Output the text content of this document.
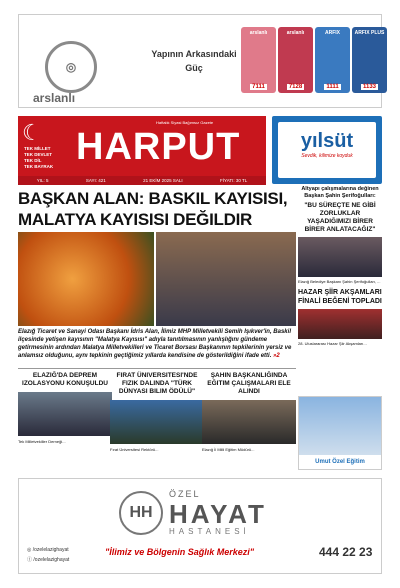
◎
arslanlı
Yapının Arkasındaki Güç
arslanlı
7111
arslanlı
7128
ARFIX
1111
ARFIX PLUS
1133
☾
TEK MİLLET
TEK DEVLET
TEK DİL
TEK BAYRAK
Haftalık Siyasi Bağımsız Gazete
HARPUT
YIL: 5	SAYI: 421	21 EKİM 2025 SALI	FİYATI: 30 TL
yılsüt
Sevdik, kilimize koyduk
BAŞKAN ALAN: BASKIL KAYISISI, MALATYA KAYISISI DEĞILDIR
Elazığ Ticaret ve Sanayi Odası Başkanı İdris Alan, İlimiz MHP Milletvekili Semih Işıkver'in, Baskil ilçesinde yetişen kayısının "Malatya Kayısısı" adıyla tanıtılmasının yanlışlığını gündeme getirmesinin ardından Malatya Milletvekilleri ve Ticaret Borsası Başkanının tepkilerinin yersiz ve anlamsız olduğunu, aynı tepkinin geçtiğimiz yıllarda kendisine de gösterildiğini ifade etti. »2
Altyapı çalışmalarına değinen Başkan Şahin Şerifoğulları:
"BU SÜREÇTE NE GİBİ ZORLUKLAR YAŞADIĞIMIZI BİRER BİRER ANLATACAĞIZ"
Elazığ Belediye Başkanı Şahin Şerifoğulları, ...
HAZAR ŞİİR AKŞAMLARI FİNALİ BEĞENİ TOPLADI
28. Uluslararası Hazar Şiir Akşamları...
ELAZIĞ'DA DEPREM IZOLASYONU KONUŞULDU
Tek Milletvekiller Derneği...
FIRAT ÜNIVERSITESI'NDE FIZIK DALINDA "TÜRK DÜNYASI BILIM ÖDÜLÜ"
Fırat Üniversitesi Rektörü...
ŞAHIN BAŞKANLIĞINDA EĞITIM ÇALIŞMALARI ELE ALINDI
Elazığ İl Milli Eğitim Müdürü...
Umut Özel Eğitim
HH
ÖZEL
HAYAT
HASTANESİ
◎ /ozelelazighayat
ⓕ /ozelelazighayat
"İlimiz ve Bölgenin Sağlık Merkezi"	444 22 23
